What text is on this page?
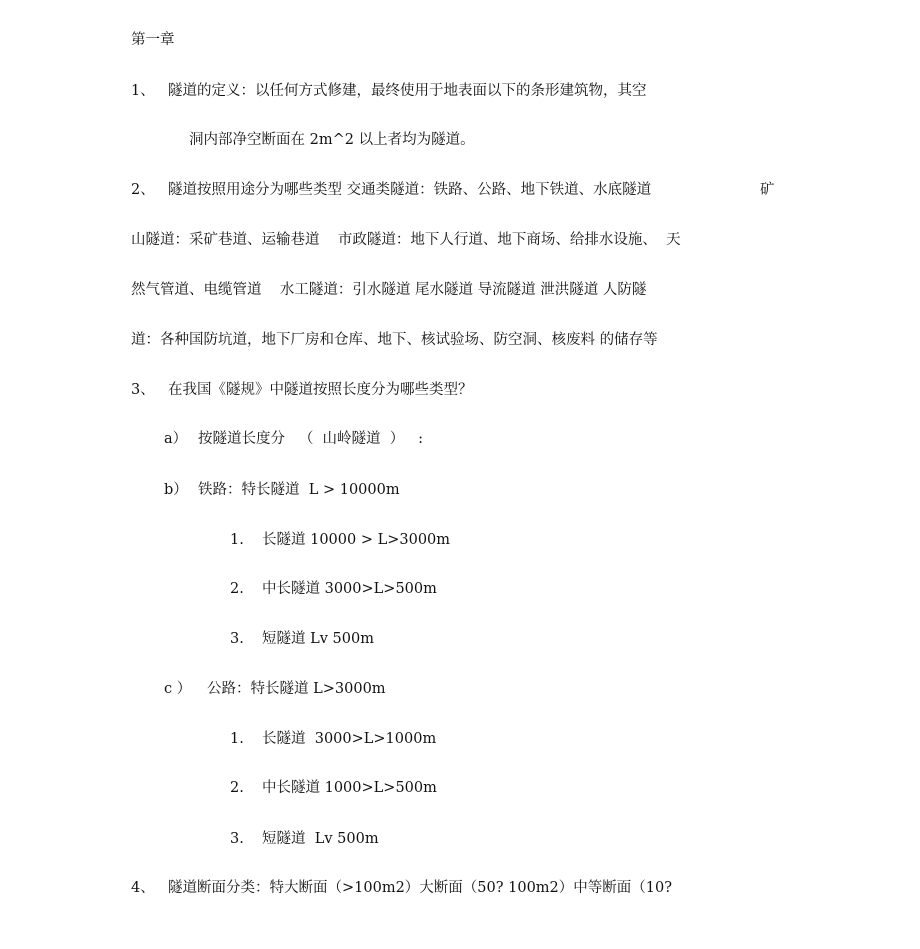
第一章
1、 隧道的定义：以任何方式修建，最终使用于地表面以下的条形建筑物，其空
洞内部净空断面在 2m^2 以上者均为隧道。
2、 隧道按照用途分为哪些类型 交通类隧道：铁路、公路、地下铁道、水底隧道	矿
山隧道：采矿巷道、运输巷道    市政隧道：地下人行道、地下商场、给排水设施、  天
然气管道、电缆管道    水工隧道：引水隧道 尾水隧道 导流隧道 泄洪隧道 人防隧
道：各种国防坑道，地下厂房和仓库、地下、核试验场、防空洞、核废料 的储存等
3、 在我国《隧规》中隧道按照长度分为哪些类型？
a） 按隧道长度分   （  山岭隧道  ）   :
b） 铁路：特长隧道  L > 10000m
1. 长隧道 10000 > L>3000m
2. 中长隧道 3000>L>500m
3. 短隧道 Lv 500m
c ） 公路：特长隧道 L>3000m
1. 长隧道  3000>L>1000m
2. 中长隧道 1000>L>500m
3. 短隧道  Lv 500m
4、 隧道断面分类：特大断面（>100m2）大断面（50? 100m2）中等断面（10?
